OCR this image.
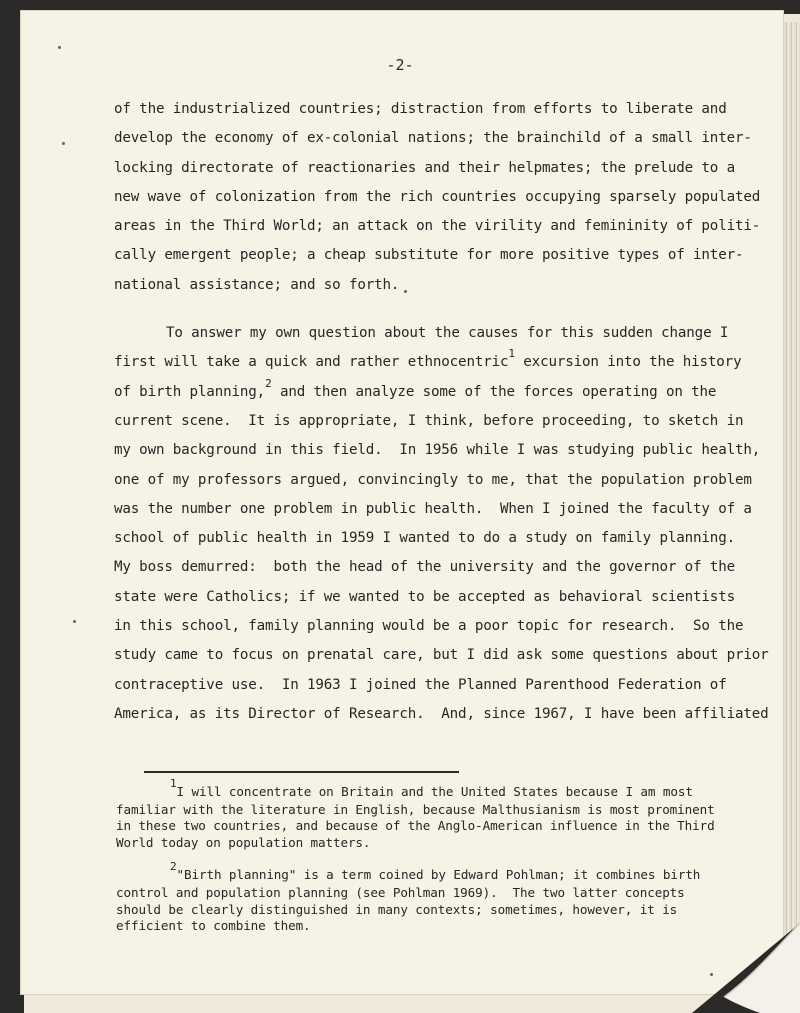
-2-

of the industrialized countries; distraction from efforts to liberate and

develop the economy of ex-colonial nations; the brainchild of a small inter-

locking directorate of reactionaries and their helpmates; the prelude to a

new wave of colonization from the rich countries occupying sparsely populated

areas in the Third World; an attack on the virility and femininity of politi-

cally emergent people; a cheap substitute for more positive types of inter-

national assistance; and so forth.

To answer my own question about the causes for this sudden change I

first will take a quick and rather ethnocentric$^1$ excursion into the history

of birth planning,$^2$ and then analyze some of the forces operating on the

current scene.  It is appropriate, I think, before proceeding, to sketch in

my own background in this field.  In 1956 while I was studying public health,

one of my professors argued, convincingly to me, that the population problem

was the number one problem in public health.  When I joined the faculty of a

school of public health in 1959 I wanted to do a study on family planning.

My boss demurred:  both the head of the university and the governor of the

state were Catholics; if we wanted to be accepted as behavioral scientists

in this school, family planning would be a poor topic for research.  So the

study came to focus on prenatal care, but I did ask some questions about prior

contraceptive use.  In 1963 I joined the Planned Parenthood Federation of

America, as its Director of Research.  And, since 1967, I have been affiliated

1I will concentrate on Britain and the United States because I am most

familiar with the literature in English, because Malthusianism is most prominent

in these two countries, and because of the Anglo-American influence in the Third

World today on population matters.

2"Birth planning" is a term coined by Edward Pohlman; it combines birth

control and population planning (see Pohlman 1969).  The two latter concepts

should be clearly distinguished in many contexts; sometimes, however, it is

efficient to combine them.
